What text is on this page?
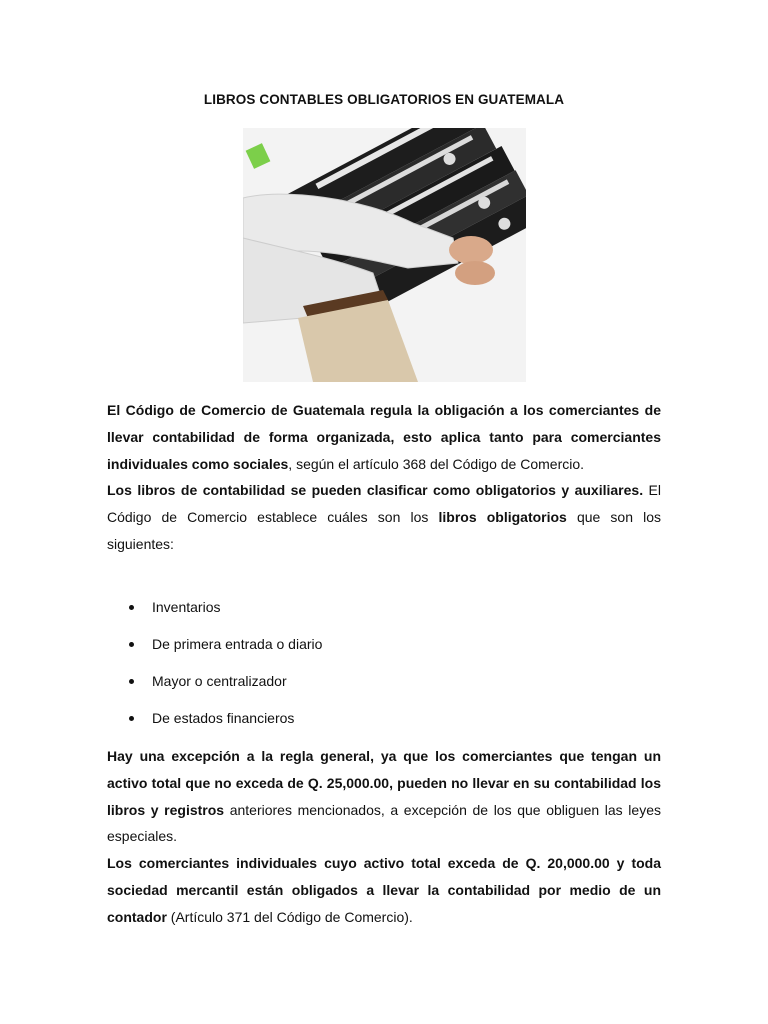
LIBROS CONTABLES OBLIGATORIOS EN GUATEMALA
El Código de Comercio de Guatemala regula la obligación a los comerciantes de llevar contabilidad de forma organizada, esto aplica tanto para comerciantes individuales como sociales, según el artículo 368 del Código de Comercio.
Los libros de contabilidad se pueden clasificar como obligatorios y auxiliares. El Código de Comercio establece cuáles son los libros obligatorios que son los siguientes:
Inventarios
De primera entrada o diario
Mayor o centralizador
De estados financieros
Hay una excepción a la regla general, ya que los comerciantes que tengan un activo total que no exceda de Q. 25,000.00, pueden no llevar en su contabilidad los libros y registros anteriores mencionados, a excepción de los que obliguen las leyes especiales.
Los comerciantes individuales cuyo activo total exceda de Q. 20,000.00 y toda sociedad mercantil están obligados a llevar la contabilidad por medio de un contador (Artículo 371 del Código de Comercio).
